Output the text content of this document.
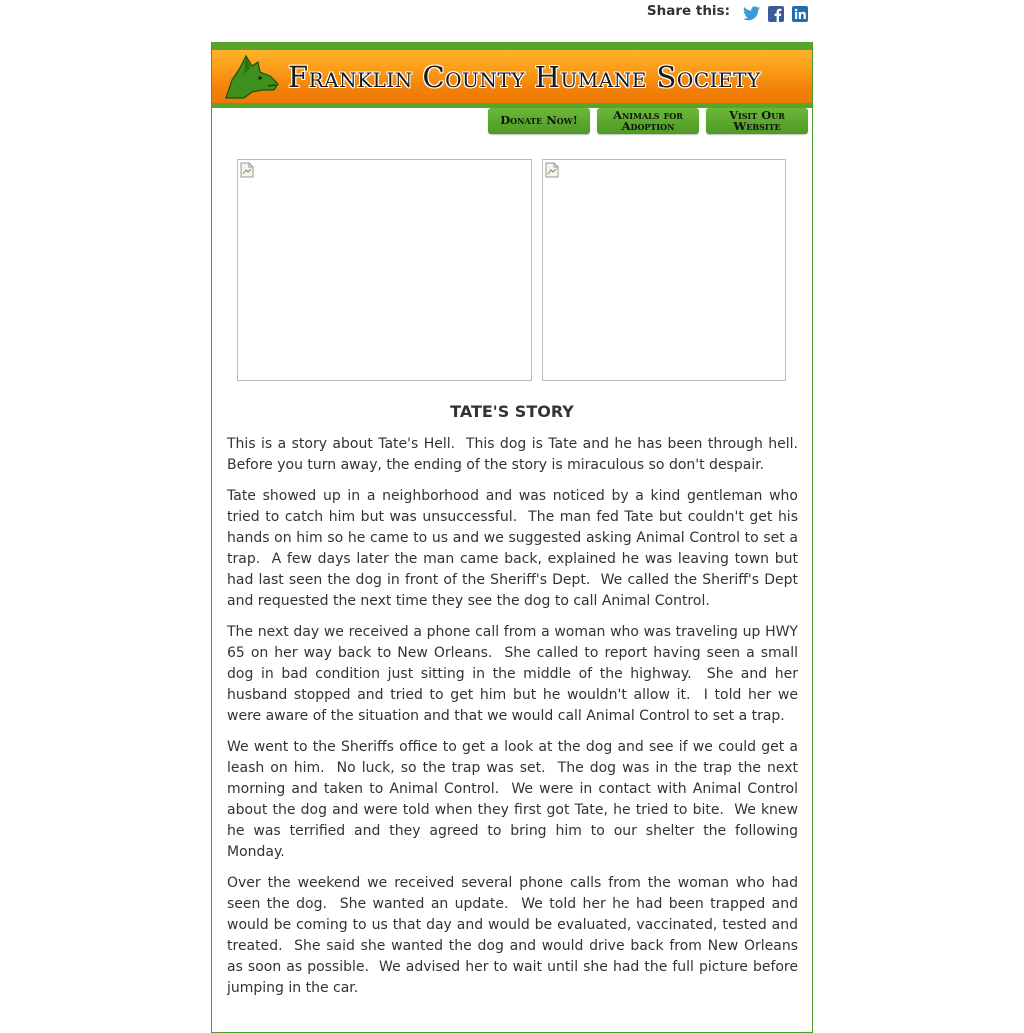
Share this:
Franklin County Humane Society
Donate Now!	Animals for Adoption
Visit Our Website
TATE'S STORY

This is a story about Tate's Hell.  This dog is Tate and he has been through hell.  Before you turn away, the ending of the story is miraculous so don't despair.

Tate showed up in a neighborhood and was noticed by a kind gentleman who tried to catch him but was unsuccessful.  The man fed Tate but couldn't get his hands on him so he came to us and we suggested asking Animal Control to set a trap.  A few days later the man came back, explained he was leaving town but had last seen the dog in front of the Sheriff's Dept.  We called the Sheriff's Dept and requested the next time they see the dog to call Animal Control.

The next day we received a phone call from a woman who was traveling up HWY 65 on her way back to New Orleans.  She called to report having seen a small dog in bad condition just sitting in the middle of the highway.  She and her husband stopped and tried to get him but he wouldn't allow it.  I told her we were aware of the situation and that we would call Animal Control to set a trap.

We went to the Sheriffs office to get a look at the dog and see if we could get a leash on him.  No luck, so the trap was set.  The dog was in the trap the next morning and taken to Animal Control.  We were in contact with Animal Control about the dog and were told when they first got Tate, he tried to bite.  We knew he was terrified and they agreed to bring him to our shelter the following Monday.

Over the weekend we received several phone calls from the woman who had seen the dog.  She wanted an update.  We told her he had been trapped and would be coming to us that day and would be evaluated, vaccinated, tested and treated.  She said she wanted the dog and would drive back from New Orleans as soon as possible.  We advised her to wait until she had the full picture before jumping in the car.
